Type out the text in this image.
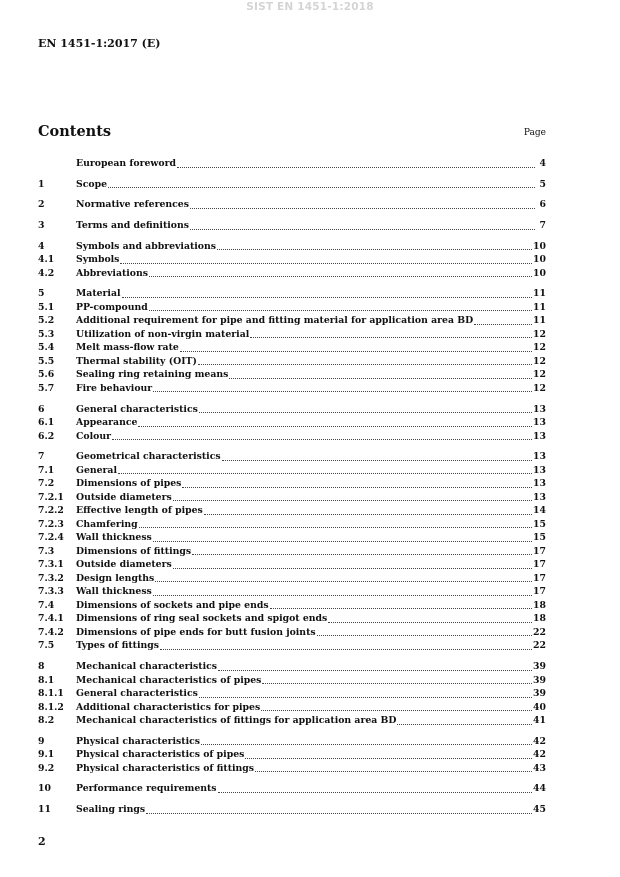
SIST EN 1451-1:2018
EN 1451-1:2017 (E)
Contents	Page
European foreword	4
1	Scope	5
2	Normative references	6
3	Terms and definitions	7
4	Symbols and abbreviations	10
4.1	Symbols	10
4.2	Abbreviations	10
5	Material	11
5.1	PP-compound	11
5.2	Additional requirement for pipe and fitting material for application area BD	11
5.3	Utilization of non-virgin material	12
5.4	Melt mass-flow rate	12
5.5	Thermal stability (OIT)	12
5.6	Sealing ring retaining means	12
5.7	Fire behaviour	12
6	General characteristics	13
6.1	Appearance	13
6.2	Colour	13
7	Geometrical characteristics	13
7.1	General	13
7.2	Dimensions of pipes	13
7.2.1	Outside diameters	13
7.2.2	Effective length of pipes	14
7.2.3	Chamfering	15
7.2.4	Wall thickness	15
7.3	Dimensions of fittings	17
7.3.1	Outside diameters	17
7.3.2	Design lengths	17
7.3.3	Wall thickness	17
7.4	Dimensions of sockets and pipe ends	18
7.4.1	Dimensions of ring seal sockets and spigot ends	18
7.4.2	Dimensions of pipe ends for butt fusion joints	22
7.5	Types of fittings	22
8	Mechanical characteristics	39
8.1	Mechanical characteristics of pipes	39
8.1.1	General characteristics	39
8.1.2	Additional characteristics for pipes	40
8.2	Mechanical characteristics of fittings for application area BD	41
9	Physical characteristics	42
9.1	Physical characteristics of pipes	42
9.2	Physical characteristics of fittings	43
10	Performance requirements	44
11	Sealing rings	45
2
